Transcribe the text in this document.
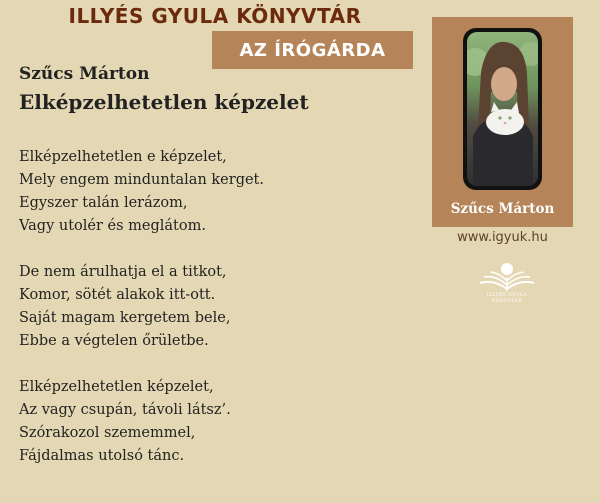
ILLYÉS GYULA KÖNYVTÁR
AZ ÍRÓGÁRDA
Szűcs Márton
Elképzelhetetlen képzelet
Elképzelhetetlen e képzelet,
Mely engem minduntalan kerget.
Egyszer talán lerázom,
Vagy utolér és meglátom.
De nem árulhatja el a titkot,
Komor, sötét alakok itt-ott.
Saját magam kergetem bele,
Ebbe a végtelen őrületbe.
Elképzelhetetlen képzelet,
Az vagy csupán, távoli látsz’.
Szórakozol szememmel,
Fájdalmas utolsó tánc.
Szűcs Márton
www.igyuk.hu
ILLYÉS GYULA
KÖNYVTÁR
